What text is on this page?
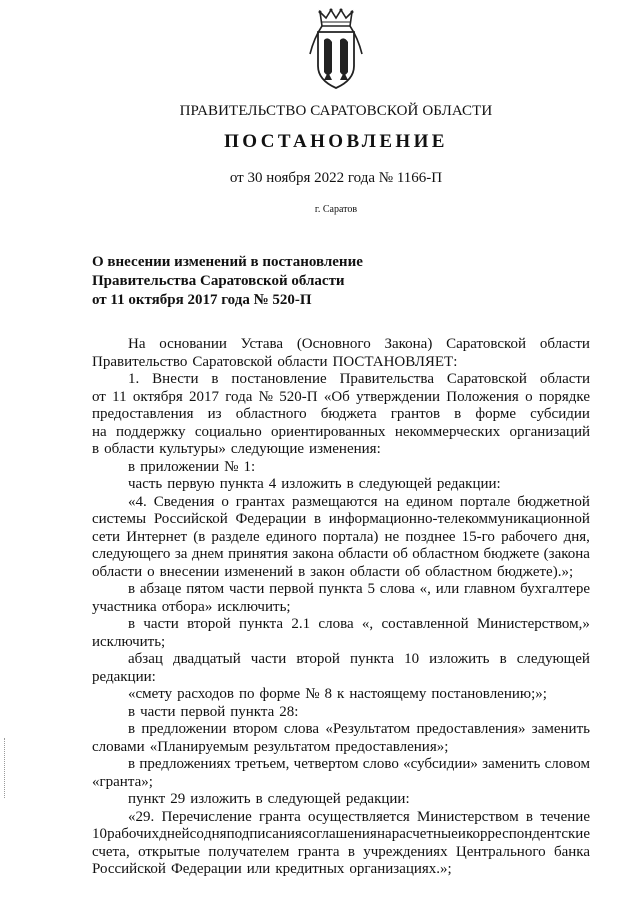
ПРАВИТЕЛЬСТВО САРАТОВСКОЙ ОБЛАСТИ
ПОСТАНОВЛЕНИЕ
от 30 ноября 2022 года № 1166-П
г. Саратов
О внесении изменений в постановление
Правительства Саратовской области
от 11 октября 2017 года № 520-П
На основании Устава (Основного Закона) Саратовской области
Правительство Саратовской области ПОСТАНОВЛЯЕТ:
1. Внести в постановление Правительства Саратовской области
от 11 октября 2017 года № 520-П «Об утверждении Положения о порядке
предоставления из областного бюджета грантов в форме субсидии
на поддержку социально ориентированных некоммерческих организаций
в области культуры» следующие изменения:
в приложении № 1:
часть первую пункта 4 изложить в следующей редакции:
«4. Сведения о грантах размещаются на едином портале бюджетной
системы Российской Федерации в информационно-телекоммуникационной
сети Интернет (в разделе единого портала) не позднее 15-го рабочего дня,
следующего за днем принятия закона области об областном бюджете (закона
области о внесении изменений в закон области об областном бюджете).»;
в абзаце пятом части первой пункта 5 слова «, или главном бухгалтере
участника отбора» исключить;
в части второй пункта 2.1 слова «, составленной Министерством,»
исключить;
абзац двадцатый части второй пункта 10 изложить в следующей
редакции:
«смету расходов по форме № 8 к настоящему постановлению;»;
в части первой пункта 28:
в предложении втором слова «Результатом предоставления» заменить
словами «Планируемым результатом предоставления»;
в предложениях третьем, четвертом слово «субсидии» заменить словом
«гранта»;
пункт 29 изложить в следующей редакции:
«29. Перечисление гранта осуществляется Министерством в течение
10 рабочих дней со дня подписания соглашения на расчетные и корреспондентские
счета, открытые получателем гранта в учреждениях Центрального банка
Российской Федерации или кредитных организациях.»;
